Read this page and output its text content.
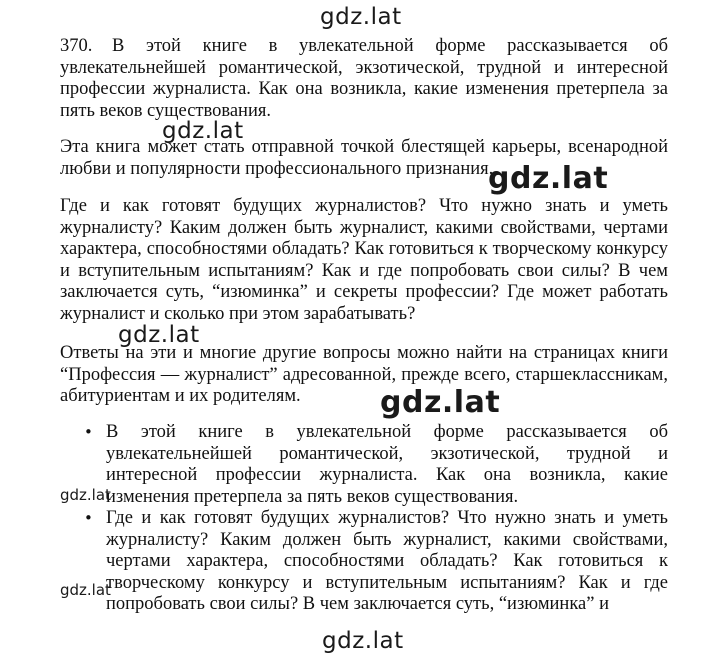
gdz.lat

370. В этой книге в увлекательной форме рассказывается об увлекательнейшей романтической, экзотической, трудной и интересной профессии журналиста. Как она возникла, какие изменения претерпела за пять веков существования.

gdz.lat

Эта книга может стать отправной точкой блестящей карьеры, всенародной любви и популярности профессионального признания.

gdz.lat

Где и как готовят будущих журналистов? Что нужно знать и уметь журналисту? Каким должен быть журналист, какими свойствами, чертами характера, способностями обладать? Как готовиться к творческому конкурсу и вступительным испытаниям? Как и где попробовать свои силы? В чем заключается суть, “изюминка” и секреты профессии? Где может работать журналист и сколько при этом зарабатывать?

gdz.lat

Ответы на эти и многие другие вопросы можно найти на страницах книги “Профессия — журналист” адресованной, прежде всего, старшеклассникам, абитуриентам и их родителям.	gdz.lat
• В этой книге в увлекательной форме рассказывается об увлекательнейшей романтической, экзотической, трудной и интересной профессии журналиста. Как она возникла, какие изменения претерпела за пять веков существования.
• Где и как готовят будущих журналистов? Что нужно знать и уметь журналисту? Каким должен быть журналист, какими свойствами, чертами характера, способностями обладать? Как готовиться к творческому конкурсу и вступительным испытаниям? Как и где попробовать свои силы? В чем заключается суть, “изюминка” и
gdz.lat
gdz.lat
gdz.lat
